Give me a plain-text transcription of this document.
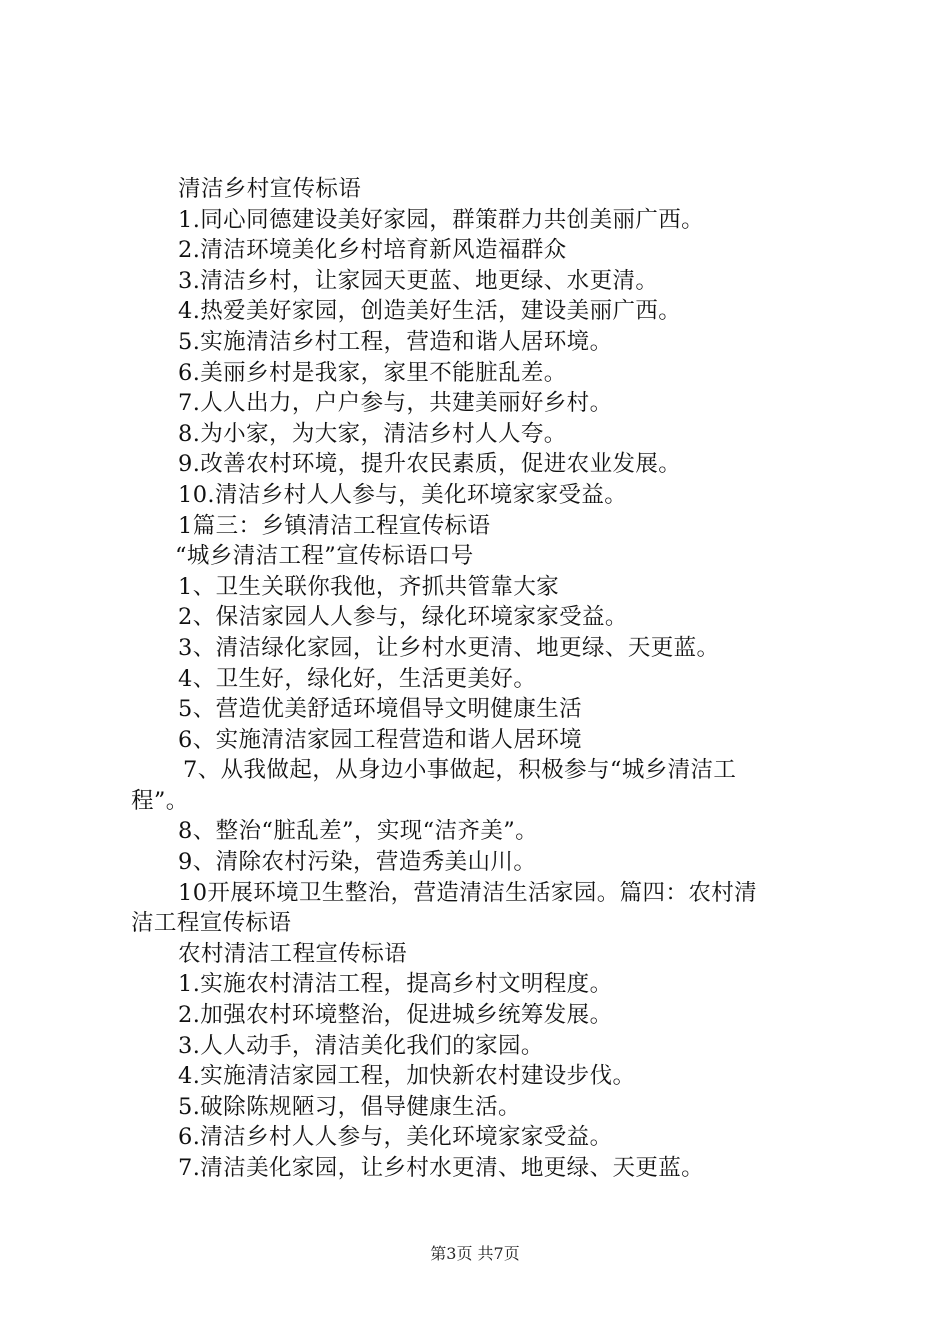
清洁乡村宣传标语
1.同心同德建设美好家园，群策群力共创美丽广西。
2.清洁环境美化乡村培育新风造福群众
3.清洁乡村，让家园天更蓝、地更绿、水更清。
4.热爱美好家园，创造美好生活，建设美丽广西。
5.实施清洁乡村工程，营造和谐人居环境。
6.美丽乡村是我家，家里不能脏乱差。
7.人人出力，户户参与，共建美丽好乡村。
8.为小家，为大家，清洁乡村人人夸。
9.改善农村环境，提升农民素质，促进农业发展。
10.清洁乡村人人参与，美化环境家家受益。
1篇三：乡镇清洁工程宣传标语
“城乡清洁工程”宣传标语口号
1、卫生关联你我他，齐抓共管靠大家
2、保洁家园人人参与，绿化环境家家受益。
3、清洁绿化家园，让乡村水更清、地更绿、天更蓝。
4、卫生好，绿化好，生活更美好。
5、营造优美舒适环境倡导文明健康生活
6、实施清洁家园工程营造和谐人居环境
7、从我做起，从身边小事做起，积极参与“城乡清洁工
程”。
8、整治“脏乱差”，实现“洁齐美”。
9、清除农村污染，营造秀美山川。
10开展环境卫生整治，营造清洁生活家园。篇四：农村清
洁工程宣传标语
农村清洁工程宣传标语
1.实施农村清洁工程，提高乡村文明程度。
2.加强农村环境整治，促进城乡统筹发展。
3.人人动手，清洁美化我们的家园。
4.实施清洁家园工程，加快新农村建设步伐。
5.破除陈规陋习，倡导健康生活。
6.清洁乡村人人参与，美化环境家家受益。
7.清洁美化家园，让乡村水更清、地更绿、天更蓝。
第3页 共7页
